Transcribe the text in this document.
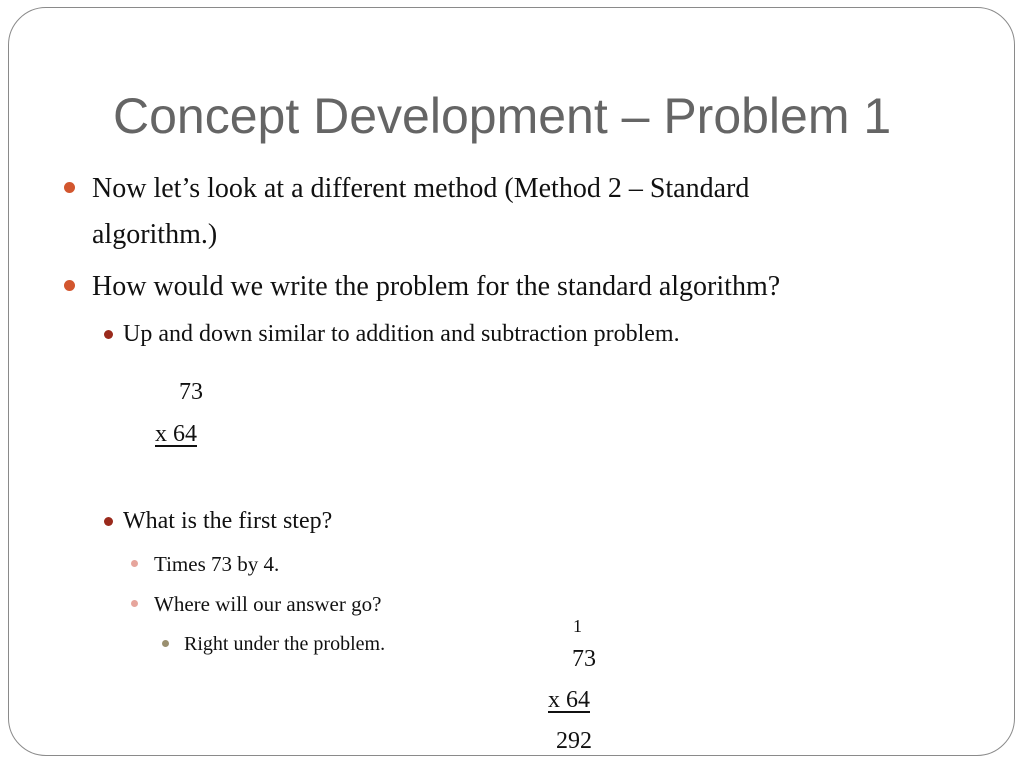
Concept Development – Problem 1

Now let’s look at a different method (Method 2 – Standard

algorithm.)

How would we write the problem for the standard algorithm?

Up and down similar to addition and subtraction problem.

73

x 64

What is the first step?

Times 73 by 4.

Where will our answer go?

Right under the problem.

1

73

x 64

292
